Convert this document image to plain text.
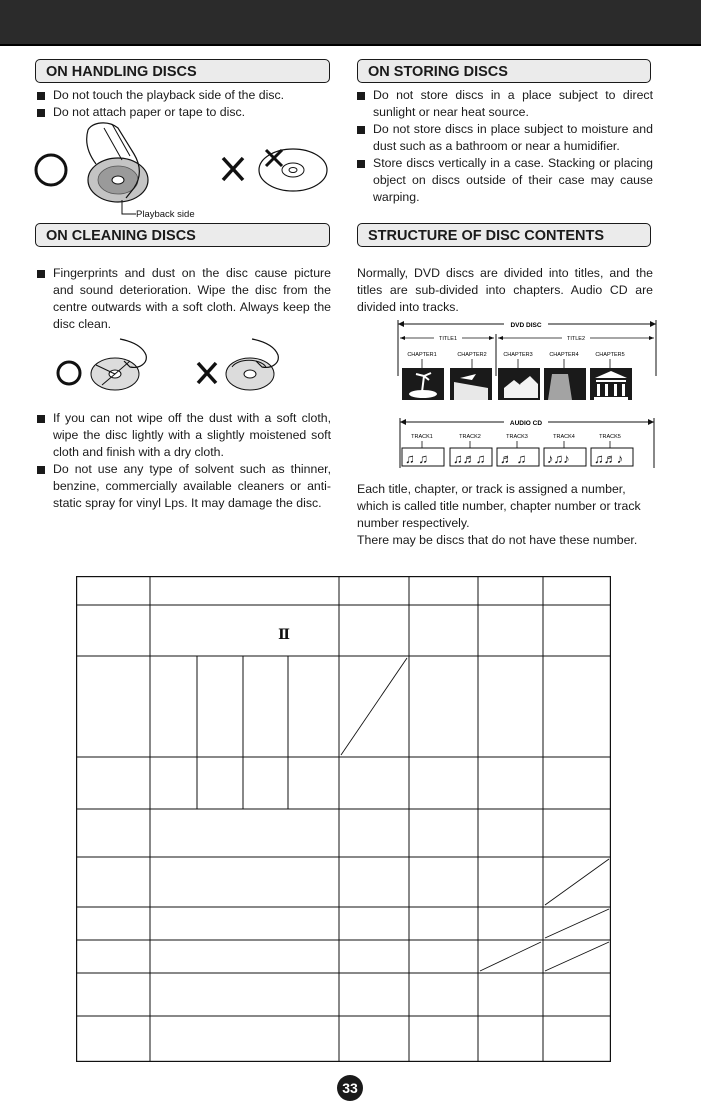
ON HANDLING DISCS
Do not touch the playback side of the disc.
Do not attach paper or tape to disc.
Playback side
ON STORING DISCS
Do not store discs in a place subject to direct sunlight or near heat source.
Do not store discs in place subject to moisture and dust such as a bathroom or near a humidifier.
Store discs vertically in a case. Stacking or placing object on discs outside of their case may cause warping.
ON CLEANING DISCS
Fingerprints and dust on the disc cause picture and sound deterioration. Wipe the disc from the centre outwards with a soft cloth. Always keep the disc clean.
If you can not wipe off the dust with a soft cloth, wipe the disc lightly with a slightly moistened soft cloth and finish with a dry cloth.
Do not use any type of solvent such as thinner, benzine, commercially available cleaners or anti-static spray for vinyl Lps. It may damage the disc.
STRUCTURE OF DISC CONTENTS
Normally, DVD discs are divided into titles, and the titles are sub-divided into chapters. Audio CD are divided into tracks.
DVD DISC
TITLE1	TITLE2
CHAPTER1	CHAPTER2	CHAPTER3	CHAPTER4	CHAPTER5
AUDIO CD
TRACK1	TRACK2	TRACK3	TRACK4	TRACK5
♫ ♫ ♫♬♫ ♬ ♫ ♪♫♪ ♫♬♪
Each title, chapter, or track is assigned a number, which is called title number, chapter number or track number respectively.
There may be discs that do not have these number.
Ⅱ
33
